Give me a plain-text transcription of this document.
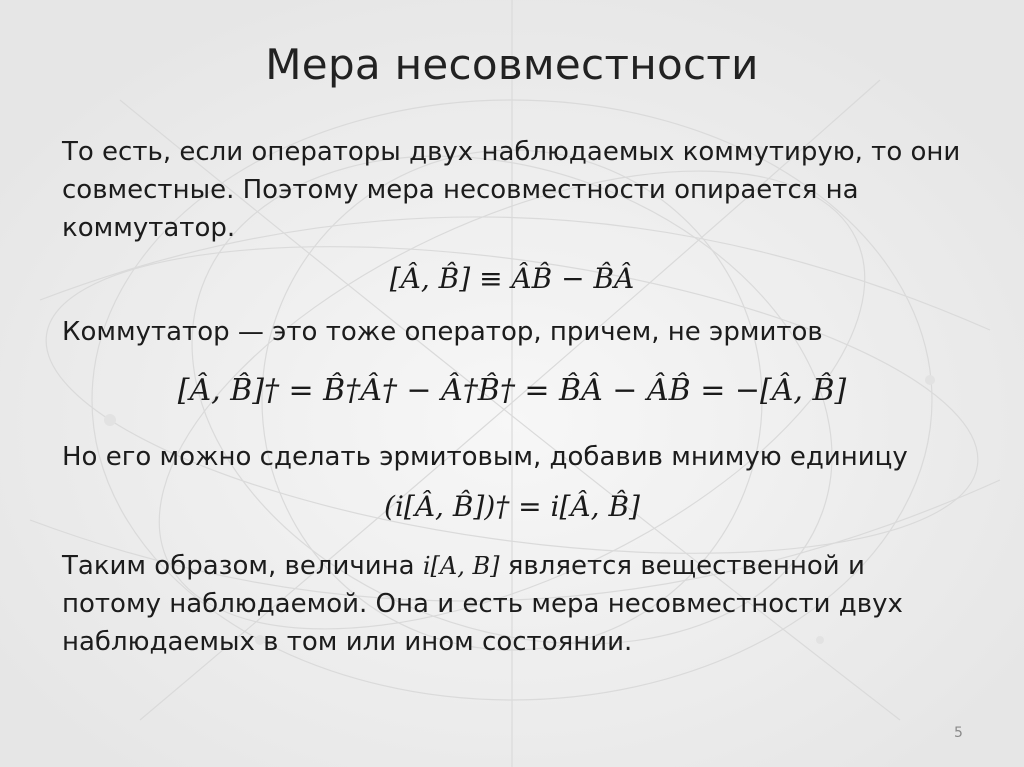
Мера несовместности
То есть, если операторы двух наблюдаемых коммутирую, то они совместные. Поэтому мера несовместности опирается на коммутатор.
[Â, B̂] ≡ ÂB̂ − B̂Â
Коммутатор — это тоже оператор, причем, не эрмитов
[Â, B̂]† = B̂†Â† − Â†B̂† = B̂Â − ÂB̂ = −[Â, B̂]
Но его можно сделать эрмитовым, добавив мнимую единицу
(i[Â, B̂])† = i[Â, B̂]
Таким образом, величина i[A, B] является вещественной и потому наблюдаемой. Она и есть мера несовместности двух наблюдаемых в том или ином состоянии.
5
